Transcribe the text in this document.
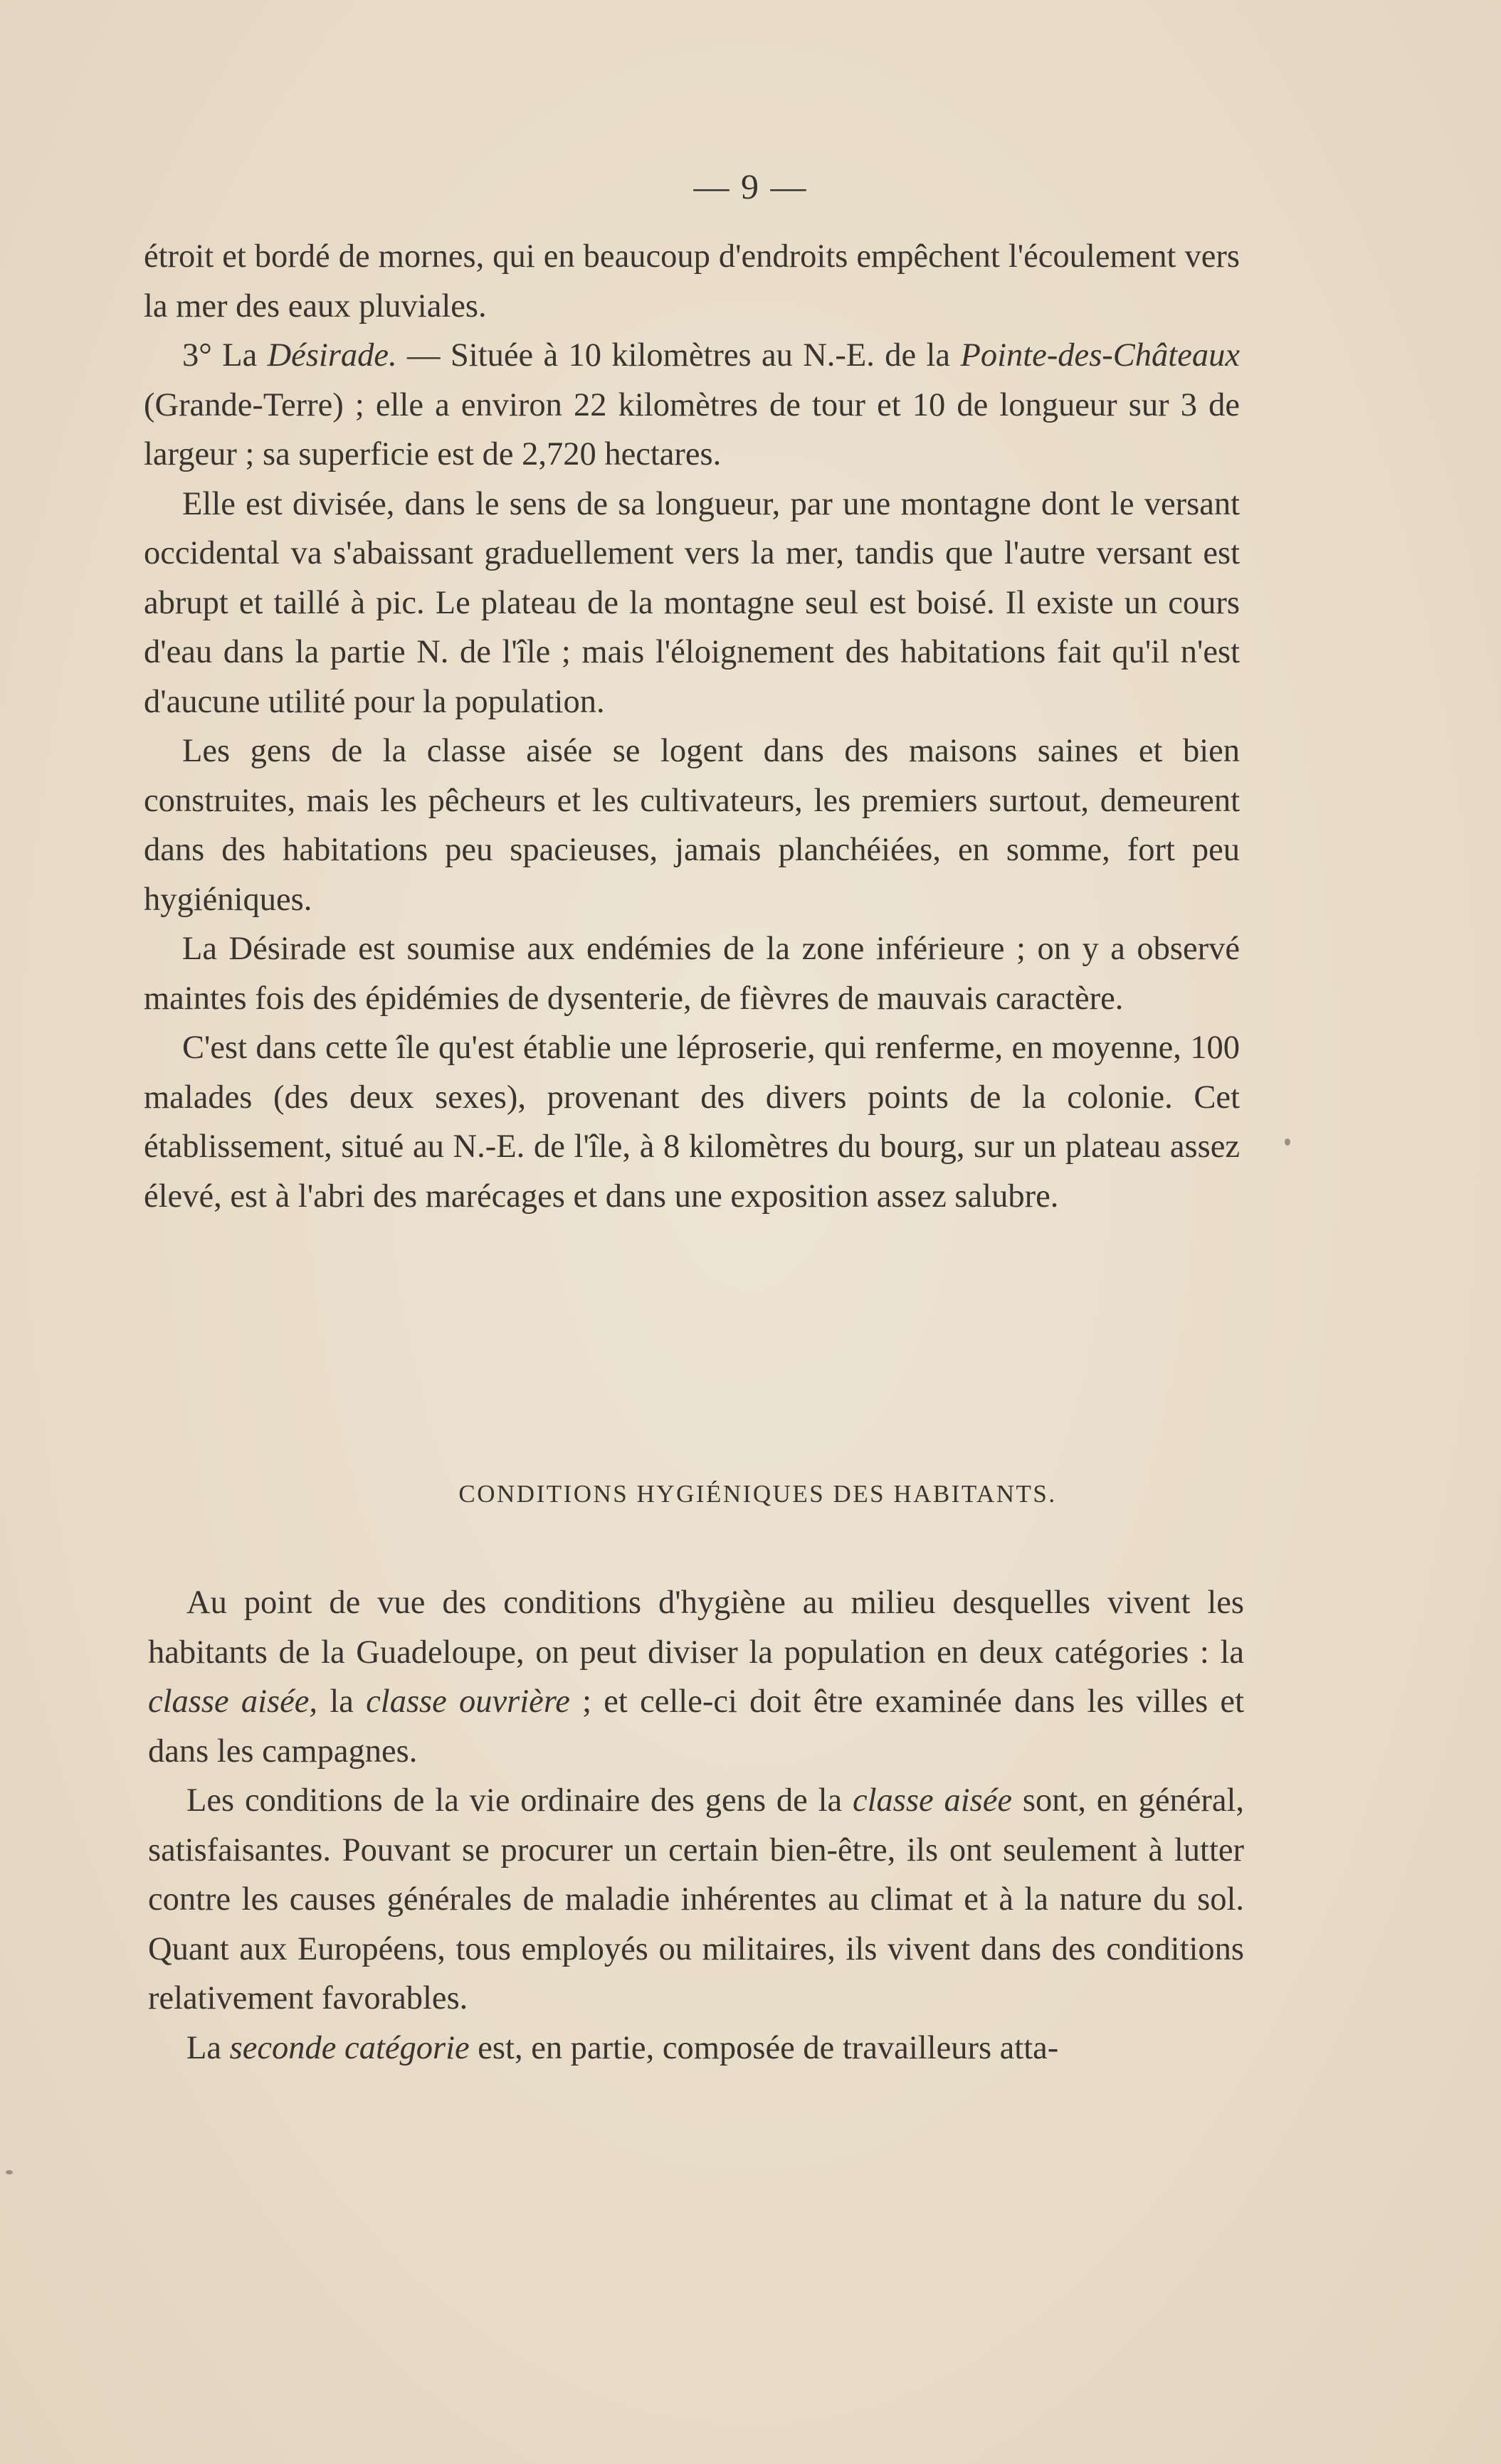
— 9 —

étroit et bordé de mornes, qui en beaucoup d'endroits empêchent l'écoulement vers la mer des eaux pluviales.

3° La Désirade. — Située à 10 kilomètres au N.-E. de la Pointe-des-Châteaux (Grande-Terre) ; elle a environ 22 kilomètres de tour et 10 de longueur sur 3 de largeur ; sa superficie est de 2,720 hectares.

Elle est divisée, dans le sens de sa longueur, par une montagne dont le versant occidental va s'abaissant graduellement vers la mer, tandis que l'autre versant est abrupt et taillé à pic. Le plateau de la montagne seul est boisé. Il existe un cours d'eau dans la partie N. de l'île ; mais l'éloignement des habitations fait qu'il n'est d'aucune utilité pour la population.

Les gens de la classe aisée se logent dans des maisons saines et bien construites, mais les pêcheurs et les cultivateurs, les premiers surtout, demeurent dans des habitations peu spacieuses, jamais planchéiées, en somme, fort peu hygiéniques.

La Désirade est soumise aux endémies de la zone inférieure ; on y a observé maintes fois des épidémies de dysenterie, de fièvres de mauvais caractère.

C'est dans cette île qu'est établie une léproserie, qui renferme, en moyenne, 100 malades (des deux sexes), provenant des divers points de la colonie. Cet établissement, situé au N.-E. de l'île, à 8 kilomètres du bourg, sur un plateau assez élevé, est à l'abri des marécages et dans une exposition assez salubre.

CONDITIONS HYGIÉNIQUES DES HABITANTS.

Au point de vue des conditions d'hygiène au milieu desquelles vivent les habitants de la Guadeloupe, on peut diviser la population en deux catégories : la classe aisée, la classe ouvrière ; et celle-ci doit être examinée dans les villes et dans les campagnes.

Les conditions de la vie ordinaire des gens de la classe aisée sont, en général, satisfaisantes. Pouvant se procurer un certain bien-être, ils ont seulement à lutter contre les causes générales de maladie inhérentes au climat et à la nature du sol. Quant aux Européens, tous employés ou militaires, ils vivent dans des conditions relativement favorables.

La seconde catégorie est, en partie, composée de travailleurs atta-
